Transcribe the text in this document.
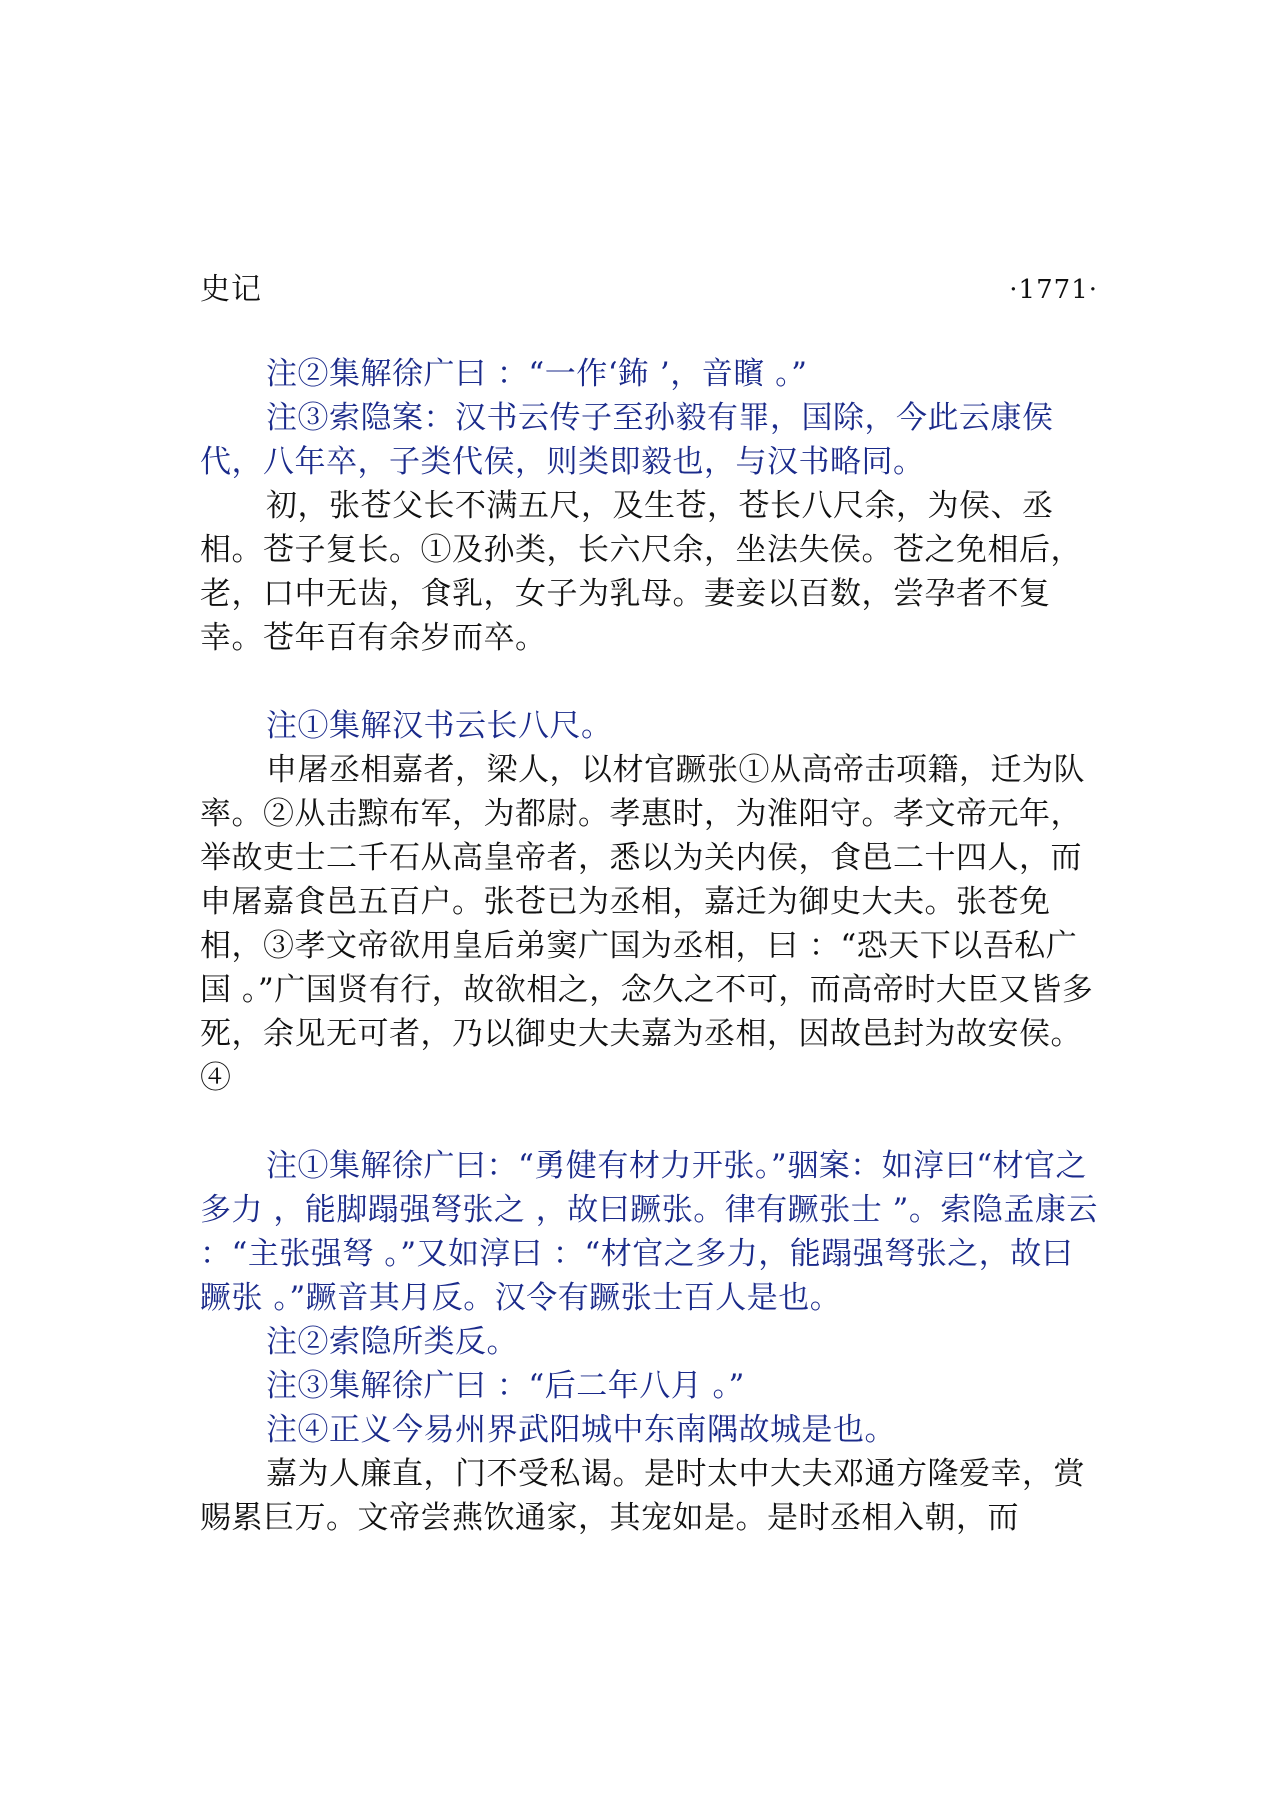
史记	·1771·

注②集解徐广曰 ：“一作‘鈽 ’，音矉 。”

注③索隐案：汉书云传子至孙毅有罪，国除，今此云康侯代，八年卒，子类代侯，则类即毅也，与汉书略同。

初，张苍父长不满五尺，及生苍，苍长八尺余，为侯、丞相。苍子复长。①及孙类，长六尺余，坐法失侯。苍之免相后，老，口中无齿，食乳，女子为乳母。妻妾以百数，尝孕者不复幸。苍年百有余岁而卒。

注①集解汉书云长八尺。

申屠丞相嘉者，梁人，以材官蹶张①从高帝击项籍，迁为队率。②从击黥布军，为都尉。孝惠时，为淮阳守。孝文帝元年，举故吏士二千石从高皇帝者，悉以为关内侯，食邑二十四人，而申屠嘉食邑五百户。张苍已为丞相，嘉迁为御史大夫。张苍免相，③孝文帝欲用皇后弟窦广国为丞相，曰 ：“恐天下以吾私广国 。”广国贤有行，故欲相之，念久之不可，而高帝时大臣又皆多死，余见无可者，乃以御史大夫嘉为丞相，因故邑封为故安侯。④

注①集解徐广曰：“勇健有材力开张。”骃案：如淳曰“材官之多力 ，能脚蹋强弩张之 ，故曰蹶张。律有蹶张士 ”。索隐孟康云 ：“主张强弩 。”又如淳曰 ：“材官之多力，能蹋强弩张之，故曰蹶张 。”蹶音其月反。汉令有蹶张士百人是也。

注②索隐所类反。

注③集解徐广曰 ：“后二年八月 。”

注④正义今易州界武阳城中东南隅故城是也。

嘉为人廉直，门不受私谒。是时太中大夫邓通方隆爱幸，赏赐累巨万。文帝尝燕饮通家，其宠如是。是时丞相入朝，而
